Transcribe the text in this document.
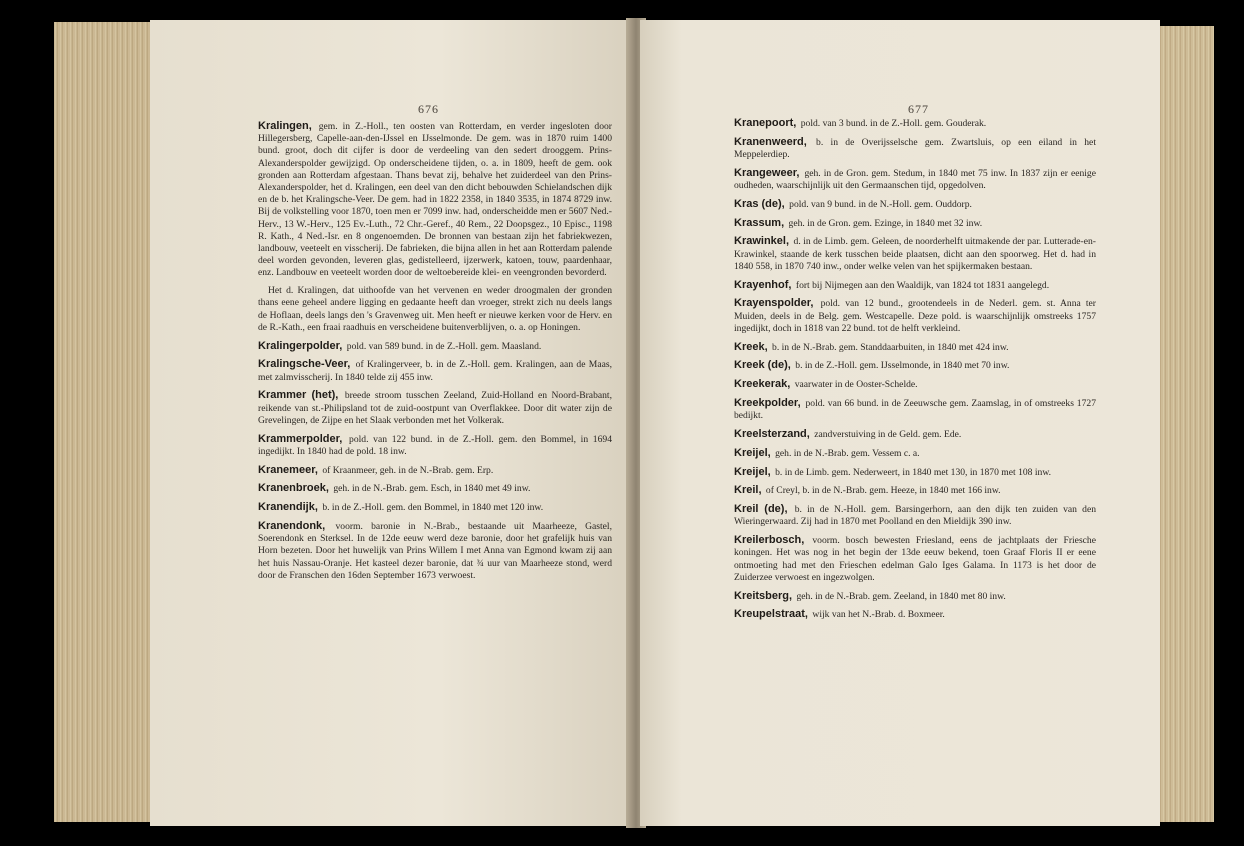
676

Kralingen, gem. in Z.-Holl., ten oosten van Rotterdam, en verder ingesloten door Hillegersberg, Capelle-aan-den-IJssel en IJsselmonde. De gem. was in 1870 ruim 1400 bund. groot, doch dit cijfer is door de verdeeling van den sedert drooggem. Prins-Alexanderspolder gewijzigd. Op onderscheidene tijden, o. a. in 1809, heeft de gem. ook gronden aan Rotterdam afgestaan. Thans bevat zij, behalve het zuiderdeel van den Prins-Alexanderspolder, het d. Kralingen, een deel van den dicht bebouwden Schielandschen dijk en de b. het Kralingsche-Veer. De gem. had in 1822 2358, in 1840 3535, in 1874 8729 inw. Bij de volkstelling voor 1870, toen men er 7099 inw. had, onderscheidde men er 5607 Ned.-Herv., 13 W.-Herv., 125 Ev.-Luth., 72 Chr.-Geref., 40 Rem., 22 Doopsgez., 10 Episc., 1198 R. Kath., 4 Ned.-Isr. en 8 ongenoemden. De bronnen van bestaan zijn het fabriekwezen, landbouw, veeteelt en visscherij. De fabrieken, die bijna allen in het aan Rotterdam palende deel worden gevonden, leveren glas, gedistelleerd, ijzerwerk, katoen, touw, paardenhaar, enz. Landbouw en veeteelt worden door de weltoebereide klei- en veengronden bevorderd.

Het d. Kralingen, dat uithoofde van het vervenen en weder droogmalen der gronden thans eene geheel andere ligging en gedaante heeft dan vroeger, strekt zich nu deels langs de Hoflaan, deels langs den 's Gravenweg uit. Men heeft er nieuwe kerken voor de Herv. en de R.-Kath., een fraai raadhuis en verscheidene buitenverblijven, o. a. op Honingen.

Kralingerpolder, pold. van 589 bund. in de Z.-Holl. gem. Maasland.

Kralingsche-Veer, of Kralingerveer, b. in de Z.-Holl. gem. Kralingen, aan de Maas, met zalmvisscherij. In 1840 telde zij 455 inw.

Krammer (het), breede stroom tusschen Zeeland, Zuid-Holland en Noord-Brabant, reikende van st.-Philipsland tot de zuid-oostpunt van Overflakkee. Door dit water zijn de Grevelingen, de Zijpe en het Slaak verbonden met het Volkerak.

Krammerpolder, pold. van 122 bund. in de Z.-Holl. gem. den Bommel, in 1694 ingedijkt. In 1840 had de pold. 18 inw.

Kranemeer, of Kraanmeer, geh. in de N.-Brab. gem. Erp.

Kranenbroek, geh. in de N.-Brab. gem. Esch, in 1840 met 49 inw.

Kranendijk, b. in de Z.-Holl. gem. den Bommel, in 1840 met 120 inw.

Kranendonk, voorm. baronie in N.-Brab., bestaande uit Maarheeze, Gastel, Soerendonk en Sterksel. In de 12de eeuw werd deze baronie, door het grafelijk huis van Horn bezeten. Door het huwelijk van Prins Willem I met Anna van Egmond kwam zij aan het huis Nassau-Oranje. Het kasteel dezer baronie, dat ¾ uur van Maarheeze stond, werd door de Franschen den 16den September 1673 verwoest.

677

Kranepoort, pold. van 3 bund. in de Z.-Holl. gem. Gouderak.

Kranenweerd, b. in de Overijsselsche gem. Zwartsluis, op een eiland in het Meppelerdiep.

Krangeweer, geh. in de Gron. gem. Stedum, in 1840 met 75 inw. In 1837 zijn er eenige oudheden, waarschijnlijk uit den Germaanschen tijd, opgedolven.

Kras (de), pold. van 9 bund. in de N.-Holl. gem. Ouddorp.

Krassum, geh. in de Gron. gem. Ezinge, in 1840 met 32 inw.

Krawinkel, d. in de Limb. gem. Geleen, de noorderhelft uitmakende der par. Lutterade-en-Krawinkel, staande de kerk tusschen beide plaatsen, dicht aan den spoorweg. Het d. had in 1840 558, in 1870 740 inw., onder welke velen van het spijkermaken bestaan.

Krayenhof, fort bij Nijmegen aan den Waaldijk, van 1824 tot 1831 aangelegd.

Krayenspolder, pold. van 12 bund., grootendeels in de Nederl. gem. st. Anna ter Muiden, deels in de Belg. gem. Westcapelle. Deze pold. is waarschijnlijk omstreeks 1757 ingedijkt, doch in 1818 van 22 bund. tot de helft verkleind.

Kreek, b. in de N.-Brab. gem. Standdaarbuiten, in 1840 met 424 inw.

Kreek (de), b. in de Z.-Holl. gem. IJsselmonde, in 1840 met 70 inw.

Kreekerak, vaarwater in de Ooster-Schelde.

Kreekpolder, pold. van 66 bund. in de Zeeuwsche gem. Zaamslag, in of omstreeks 1727 bedijkt.

Kreelsterzand, zandverstuiving in de Geld. gem. Ede.

Kreijel, geh. in de N.-Brab. gem. Vessem c. a.

Kreijel, b. in de Limb. gem. Nederweert, in 1840 met 130, in 1870 met 108 inw.

Kreil, of Creyl, b. in de N.-Brab. gem. Heeze, in 1840 met 166 inw.

Kreil (de), b. in de N.-Holl. gem. Barsingerhorn, aan den dijk ten zuiden van den Wieringerwaard. Zij had in 1870 met Poolland en den Mieldijk 390 inw.

Kreilerbosch, voorm. bosch bewesten Friesland, eens de jachtplaats der Friesche koningen. Het was nog in het begin der 13de eeuw bekend, toen Graaf Floris II er eene ontmoeting had met den Frieschen edelman Galo Iges Galama. In 1173 is het door de Zuiderzee verwoest en ingezwolgen.

Kreitsberg, geh. in de N.-Brab. gem. Zeeland, in 1840 met 80 inw.

Kreupelstraat, wijk van het N.-Brab. d. Boxmeer.
